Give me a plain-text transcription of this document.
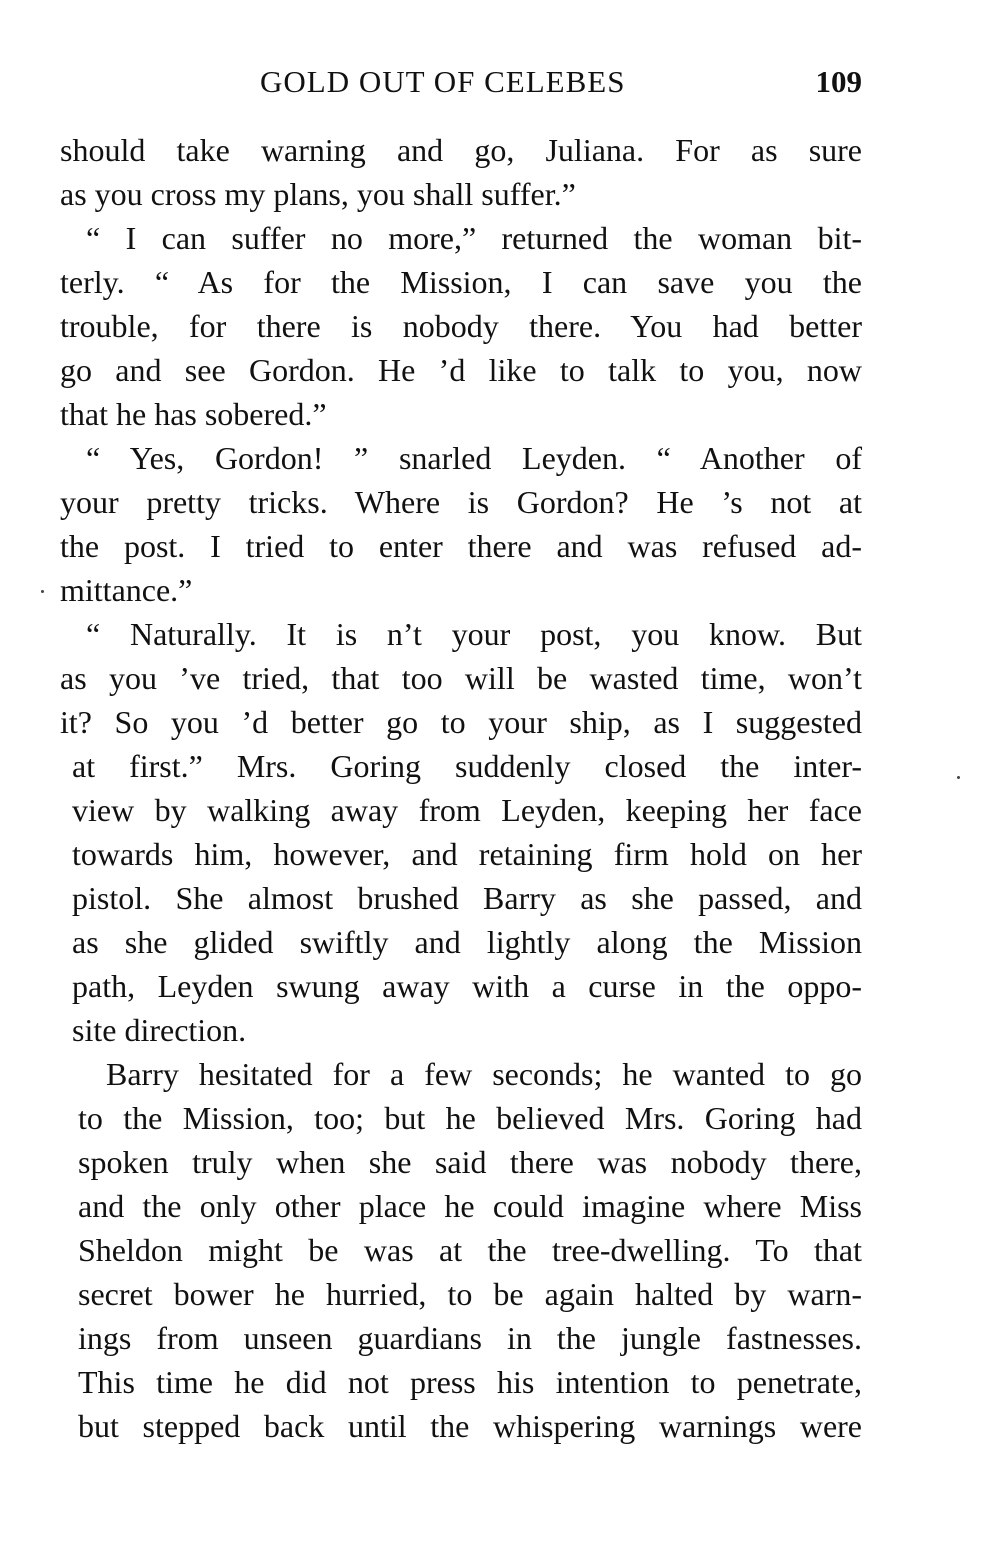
GOLD OUT OF CELEBES	109
should take warning and go, Juliana. For as sure
as you cross my plans, you shall suffer.”
“ I can suffer no more,” returned the woman bit-
terly. “ As for the Mission, I can save you the
trouble, for there is nobody there. You had better
go and see Gordon. He ’d like to talk to you, now
that he has sobered.”
“ Yes, Gordon! ” snarled Leyden. “ Another of
your pretty tricks. Where is Gordon? He ’s not at
the post. I tried to enter there and was refused ad-
mittance.”
“ Naturally. It is n’t your post, you know. But
as you ’ve tried, that too will be wasted time, won’t
it? So you ’d better go to your ship, as I suggested
at first.” Mrs. Goring suddenly closed the inter-
view by walking away from Leyden, keeping her face
towards him, however, and retaining firm hold on her
pistol. She almost brushed Barry as she passed, and
as she glided swiftly and lightly along the Mission
path, Leyden swung away with a curse in the oppo-
site direction.
Barry hesitated for a few seconds; he wanted to go
to the Mission, too; but he believed Mrs. Goring had
spoken truly when she said there was nobody there,
and the only other place he could imagine where Miss
Sheldon might be was at the tree-dwelling. To that
secret bower he hurried, to be again halted by warn-
ings from unseen guardians in the jungle fastnesses.
This time he did not press his intention to penetrate,
but stepped back until the whispering warnings were
